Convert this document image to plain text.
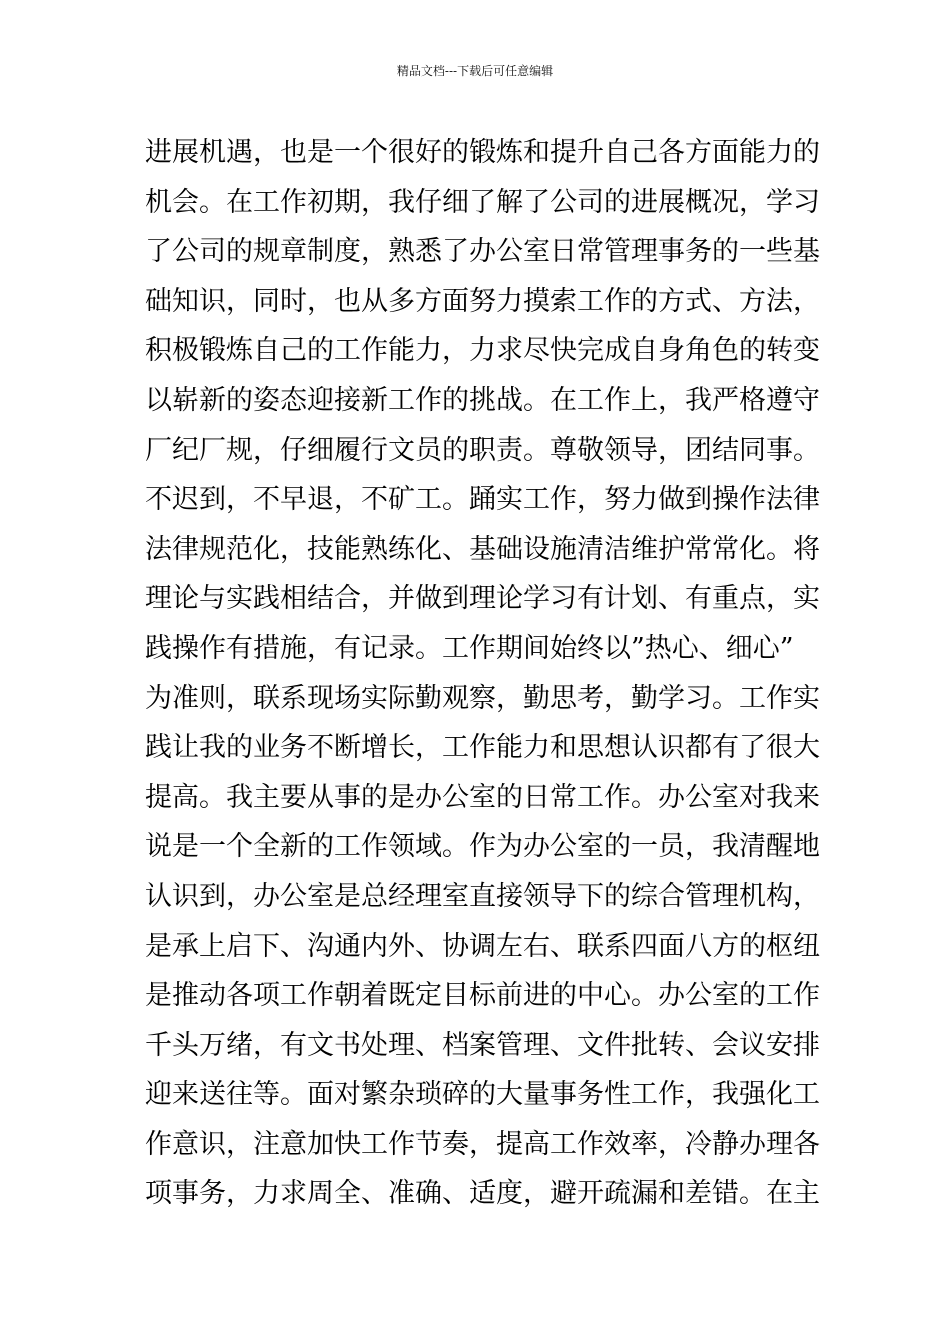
精品文档---下载后可任意编辑
进展机遇，也是一个很好的锻炼和提升自己各方面能力的
机会。在工作初期，我仔细了解了公司的进展概况，学习
了公司的规章制度，熟悉了办公室日常管理事务的一些基
础知识，同时，也从多方面努力摸索工作的方式、方法，
积极锻炼自己的工作能力，力求尽快完成自身角色的转变
以崭新的姿态迎接新工作的挑战。在工作上，我严格遵守
厂纪厂规，仔细履行文员的职责。尊敬领导，团结同事。
不迟到，不早退，不矿工。踊实工作，努力做到操作法律
法律规范化，技能熟练化、基础设施清洁维护常常化。将
理论与实践相结合，并做到理论学习有计划、有重点，实
践操作有措施，有记录。工作期间始终以”热心、细心”
为准则，联系现场实际勤观察，勤思考，勤学习。工作实
践让我的业务不断增长，工作能力和思想认识都有了很大
提高。我主要从事的是办公室的日常工作。办公室对我来
说是一个全新的工作领域。作为办公室的一员，我清醒地
认识到，办公室是总经理室直接领导下的综合管理机构，
是承上启下、沟通内外、协调左右、联系四面八方的枢纽
是推动各项工作朝着既定目标前进的中心。办公室的工作
千头万绪，有文书处理、档案管理、文件批转、会议安排
迎来送往等。面对繁杂琐碎的大量事务性工作，我强化工
作意识，注意加快工作节奏，提高工作效率，冷静办理各
项事务，力求周全、准确、适度，避开疏漏和差错。在主
